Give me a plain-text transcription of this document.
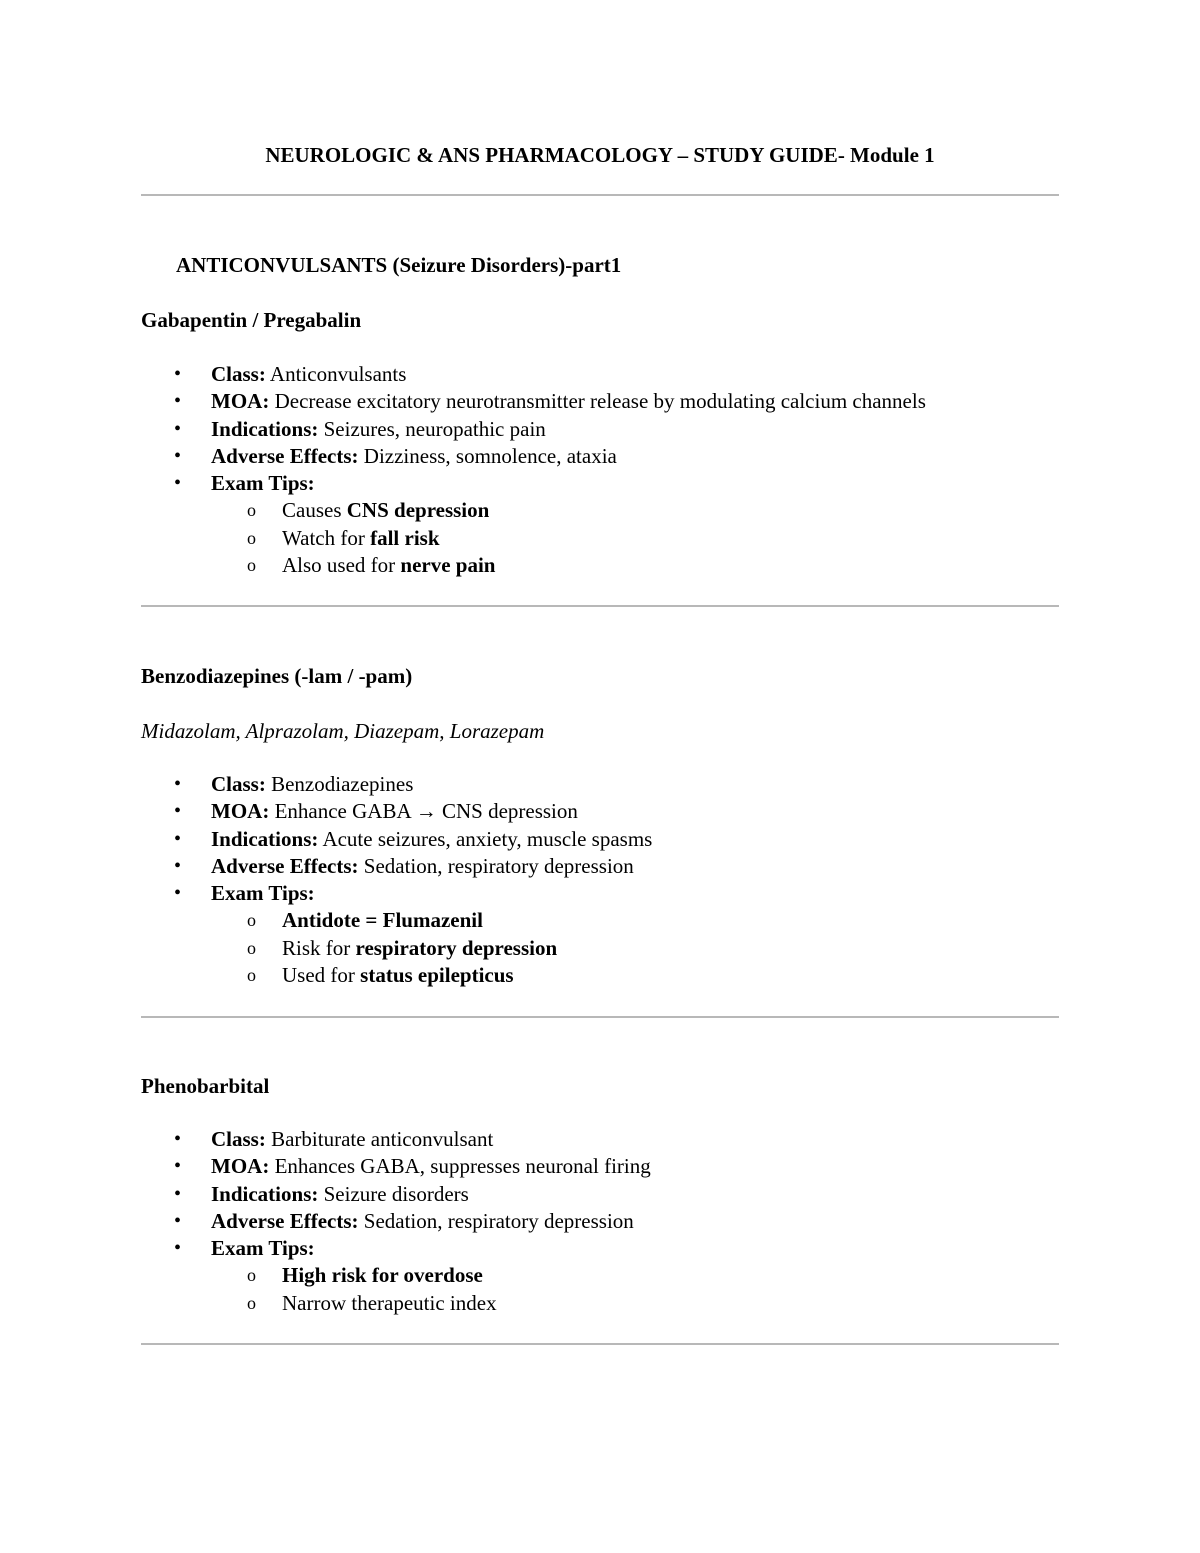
NEUROLOGIC & ANS PHARMACOLOGY – STUDY GUIDE- Module 1
ANTICONVULSANTS (Seizure Disorders)-part1
Gabapentin / Pregabalin
• Class: Anticonvulsants
• MOA: Decrease excitatory neurotransmitter release by modulating calcium channels
• Indications: Seizures, neuropathic pain
• Adverse Effects: Dizziness, somnolence, ataxia
• Exam Tips:
o Causes CNS depression
o Watch for fall risk
o Also used for nerve pain
Benzodiazepines (-lam / -pam)
Midazolam, Alprazolam, Diazepam, Lorazepam
• Class: Benzodiazepines
• MOA: Enhance GABA → CNS depression
• Indications: Acute seizures, anxiety, muscle spasms
• Adverse Effects: Sedation, respiratory depression
• Exam Tips:
o Antidote = Flumazenil
o Risk for respiratory depression
o Used for status epilepticus
Phenobarbital
• Class: Barbiturate anticonvulsant
• MOA: Enhances GABA, suppresses neuronal firing
• Indications: Seizure disorders
• Adverse Effects: Sedation, respiratory depression
• Exam Tips:
o High risk for overdose
o Narrow therapeutic index
